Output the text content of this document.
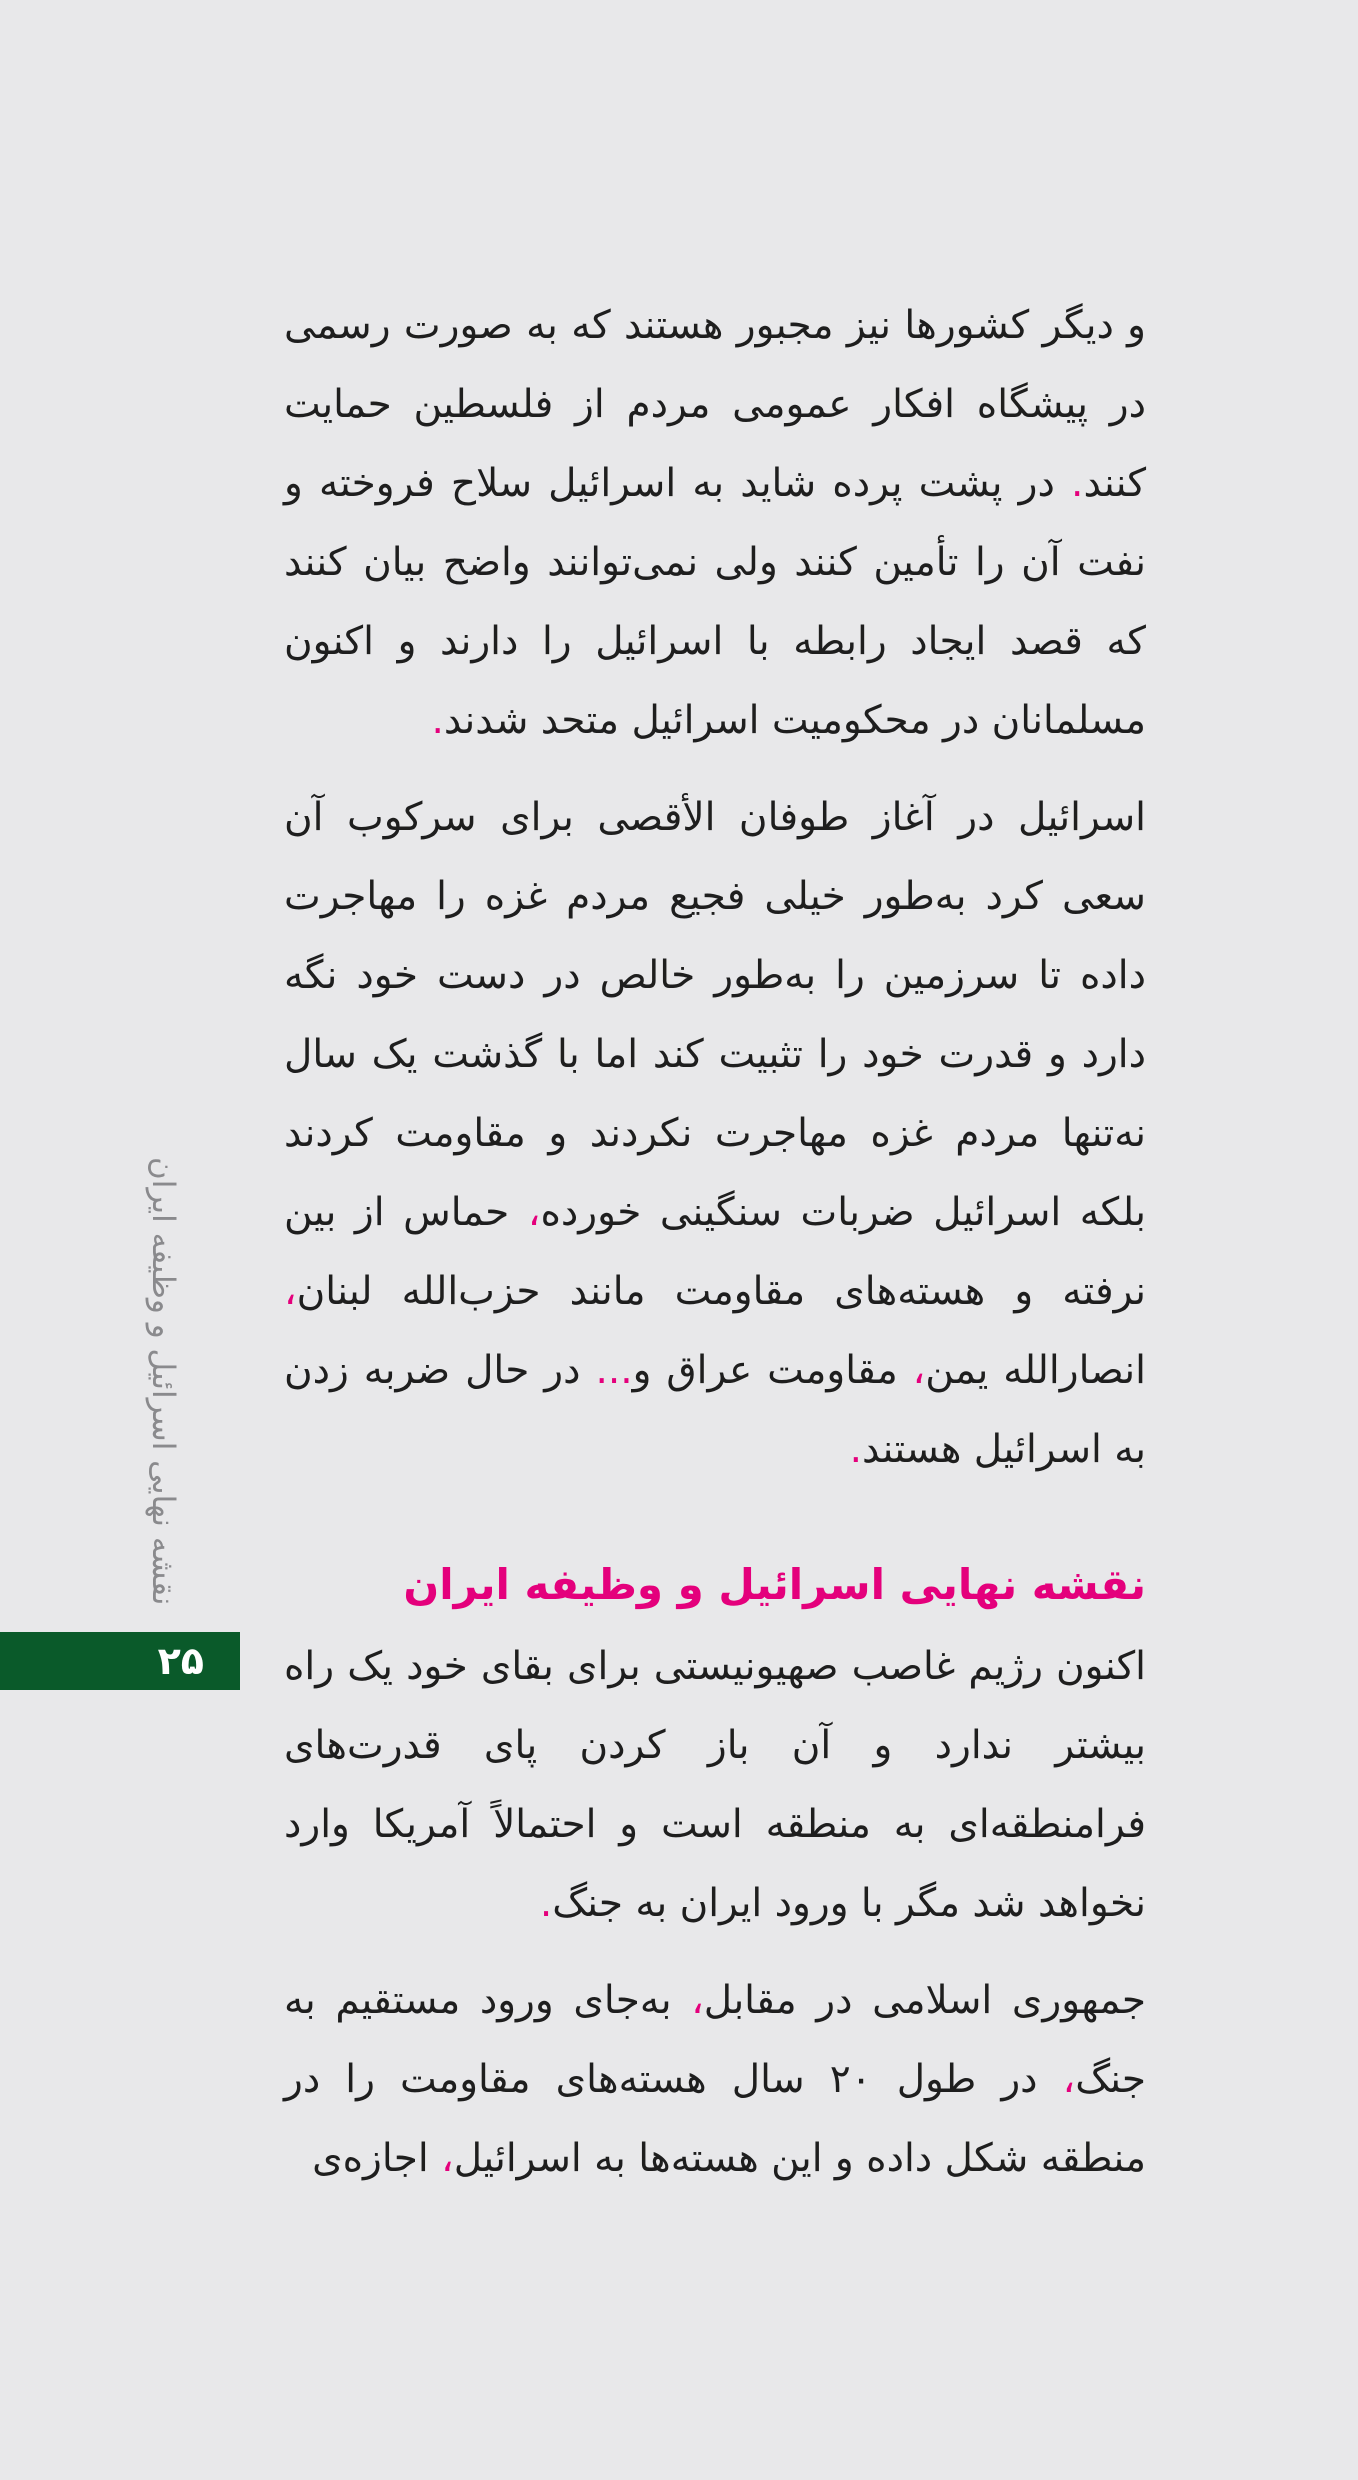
و دیگر کشورها نیز مجبور هستند که به صورت رسمی در پیشگاه افکار عمومی مردم از فلسطین حمایت کنند. در پشت پرده شاید به اسرائیل سلاح فروخته و نفت آن را تأمین کنند ولی نمی‌توانند واضح بیان کنند که قصد ایجاد رابطه با اسرائیل را دارند و اکنون مسلمانان در محکومیت اسرائیل متحد شدند.

اسرائیل در آغاز طوفان الأقصی برای سرکوب آن سعی کرد به‌طور خیلی فجیع مردم غزه را مهاجرت داده تا سرزمین را به‌طور خالص در دست خود نگه دارد و قدرت خود را تثبیت کند اما با گذشت یک سال نه‌تنها مردم غزه مهاجرت نکردند و مقاومت کردند بلکه اسرائیل ضربات سنگینی خورده، حماس از بین نرفته و هسته‌های مقاومت مانند حزب‌الله لبنان، انصارالله یمن، مقاومت عراق و... در حال ضربه زدن به اسرائیل هستند.

نقشه نهایی اسرائیل و وظیفه ایران

اکنون رژیم غاصب صهیونیستی برای بقای خود یک راه بیشتر ندارد و آن باز کردن پای قدرت‌های فرامنطقه‌ای به منطقه است و احتمالاً آمریکا وارد نخواهد شد مگر با ورود ایران به جنگ.

جمهوری اسلامی در مقابل، به‌جای ورود مستقیم به جنگ، در طول ۲۰ سال هسته‌های مقاومت را در منطقه شکل داده و این هسته‌ها به اسرائیل، اجازه‌ی

نقشه نهایی اسرائیل و وظیفه ایران
۲۵
